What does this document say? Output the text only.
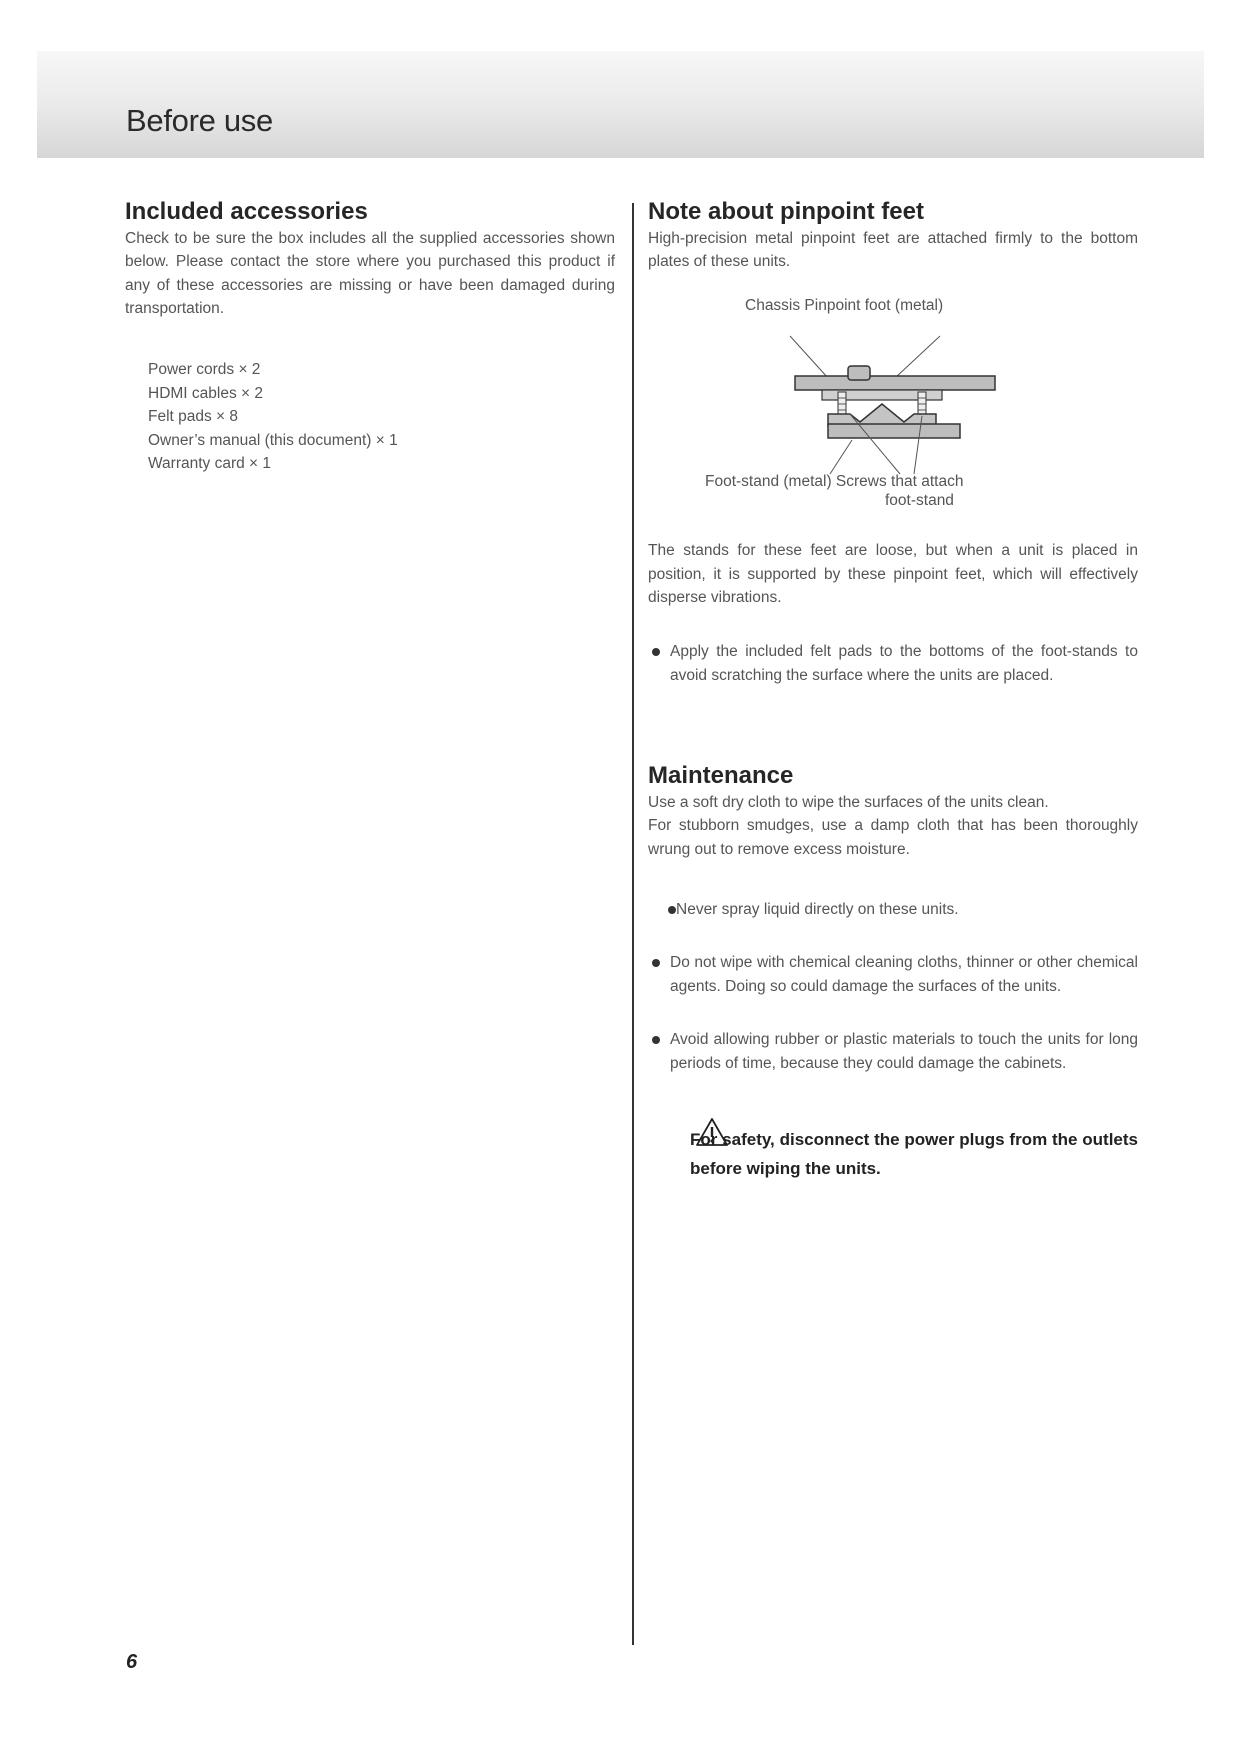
Before use
Included accessories

Check to be sure the box includes all the supplied accessories shown below. Please contact the store where you purchased this product if any of these accessories are missing or have been damaged during transportation.

Power cords × 2
HDMI cables × 2
Felt pads × 8
Owner’s manual (this document) × 1
Warranty card × 1
Note about pinpoint feet

High-precision metal pinpoint feet are attached firmly to the bottom plates of these units.

Chassis Pinpoint foot (metal)
Foot-stand (metal) Screws that attach
foot-stand

The stands for these feet are loose, but when a unit is placed in position, it is supported by these pinpoint feet, which will effectively disperse vibrations.

Apply the included felt pads to the bottoms of the foot-stands to avoid scratching the surface where the units are placed.
Maintenance

Use a soft dry cloth to wipe the surfaces of the units clean.

For stubborn smudges, use a damp cloth that has been thoroughly wrung out to remove excess moisture.

Never spray liquid directly on these units.
Do not wipe with chemical cleaning cloths, thinner or other chemical agents. Doing so could damage the surfaces of the units.
Avoid allowing rubber or plastic materials to touch the units for long periods of time, because they could damage the cabinets.
For safety, disconnect the power plugs from the outlets before wiping the units.
6
